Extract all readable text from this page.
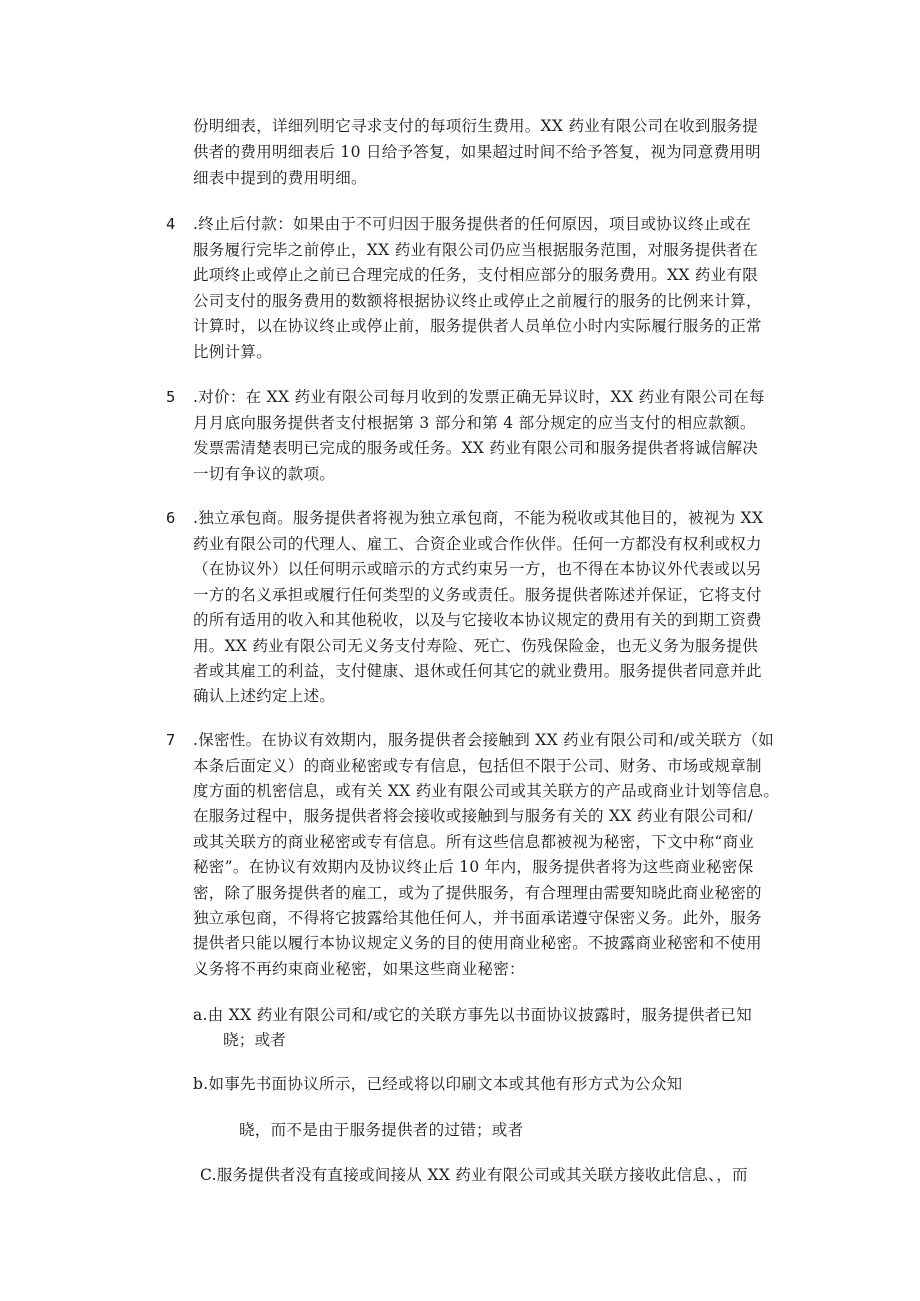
份明细表，详细列明它寻求支付的每项衍生费用。XX 药业有限公司在收到服务提
供者的费用明细表后 10 日给予答复，如果超过时间不给予答复，视为同意费用明
细表中提到的费用明细。
4 .终止后付款：如果由于不可归因于服务提供者的任何原因，项目或协议终止或在
服务履行完毕之前停止，XX 药业有限公司仍应当根据服务范围，对服务提供者在
此项终止或停止之前已合理完成的任务，支付相应部分的服务费用。XX 药业有限
公司支付的服务费用的数额将根据协议终止或停止之前履行的服务的比例来计算，
计算时，以在协议终止或停止前，服务提供者人员单位小时内实际履行服务的正常
比例计算。
5 .对价：在 XX 药业有限公司每月收到的发票正确无异议时，XX 药业有限公司在每
月月底向服务提供者支付根据第 3 部分和第 4 部分规定的应当支付的相应款额。
发票需清楚表明已完成的服务或任务。XX 药业有限公司和服务提供者将诚信解决
一切有争议的款项。
6 .独立承包商。服务提供者将视为独立承包商，不能为税收或其他目的，被视为 XX
药业有限公司的代理人、雇工、合资企业或合作伙伴。任何一方都没有权利或权力
（在协议外）以任何明示或暗示的方式约束另一方，也不得在本协议外代表或以另
一方的名义承担或履行任何类型的义务或责任。服务提供者陈述并保证，它将支付
的所有适用的收入和其他税收，以及与它接收本协议规定的费用有关的到期工资费
用。XX 药业有限公司无义务支付寿险、死亡、伤残保险金，也无义务为服务提供
者或其雇工的利益，支付健康、退休或任何其它的就业费用。服务提供者同意并此
确认上述约定上述。
7 .保密性。在协议有效期内，服务提供者会接触到 XX 药业有限公司和/或关联方（如
本条后面定义）的商业秘密或专有信息，包括但不限于公司、财务、市场或规章制
度方面的机密信息，或有关 XX 药业有限公司或其关联方的产品或商业计划等信息。
在服务过程中，服务提供者将会接收或接触到与服务有关的 XX 药业有限公司和/
或其关联方的商业秘密或专有信息。所有这些信息都被视为秘密，下文中称“商业
秘密”。在协议有效期内及协议终止后 10 年内，服务提供者将为这些商业秘密保
密，除了服务提供者的雇工，或为了提供服务，有合理理由需要知晓此商业秘密的
独立承包商，不得将它披露给其他任何人，并书面承诺遵守保密义务。此外，服务
提供者只能以履行本协议规定义务的目的使用商业秘密。不披露商业秘密和不使用
义务将不再约束商业秘密，如果这些商业秘密：
a.由 XX 药业有限公司和/或它的关联方事先以书面协议披露时，服务提供者已知
晓；或者
b.如事先书面协议所示，已经或将以印刷文本或其他有形方式为公众知
晓，而不是由于服务提供者的过错；或者
C.服务提供者没有直接或间接从 XX 药业有限公司或其关联方接收此信息、，而
